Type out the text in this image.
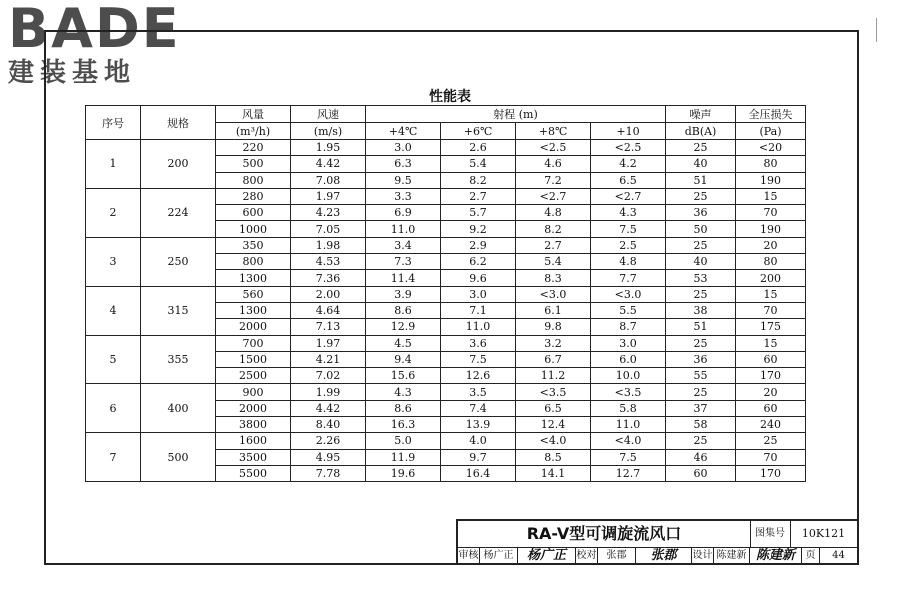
BADE
建装基地
性能表
序号	规格	风量	风速	射程 (m)				噪声	全压损失
		(m³/h)	(m/s)	+4℃	+6℃	+8℃	+10	dB(A)	(Pa)
1	200	220	1.95	3.0	2.6	<2.5	<2.5	25	<20
		500	4.42	6.3	5.4	4.6	4.2	40	80
		800	7.08	9.5	8.2	7.2	6.5	51	190
2	224	280	1.97	3.3	2.7	<2.7	<2.7	25	15
		600	4.23	6.9	5.7	4.8	4.3	36	70
		1000	7.05	11.0	9.2	8.2	7.5	50	190
3	250	350	1.98	3.4	2.9	2.7	2.5	25	20
		800	4.53	7.3	6.2	5.4	4.8	40	80
		1300	7.36	11.4	9.6	8.3	7.7	53	200
4	315	560	2.00	3.9	3.0	<3.0	<3.0	25	15
		1300	4.64	8.6	7.1	6.1	5.5	38	70
		2000	7.13	12.9	11.0	9.8	8.7	51	175
5	355	700	1.97	4.5	3.6	3.2	3.0	25	15
		1500	4.21	9.4	7.5	6.7	6.0	36	60
		2500	7.02	15.6	12.6	11.2	10.0	55	170
6	400	900	1.99	4.3	3.5	<3.5	<3.5	25	20
		2000	4.42	8.6	7.4	6.5	5.8	37	60
		3800	8.40	16.3	13.9	12.4	11.0	58	240
7	500	1600	2.26	5.0	4.0	<4.0	<4.0	25	25
		3500	4.95	11.9	9.7	8.5	7.5	46	70
		5500	7.78	19.6	16.4	14.1	12.7	60	170
RA-V型可调旋流风口	图集号	10K121
审核 杨广正	杨广正	校对	张郡	张郡	设计 陈建新 陈建新	页	44
